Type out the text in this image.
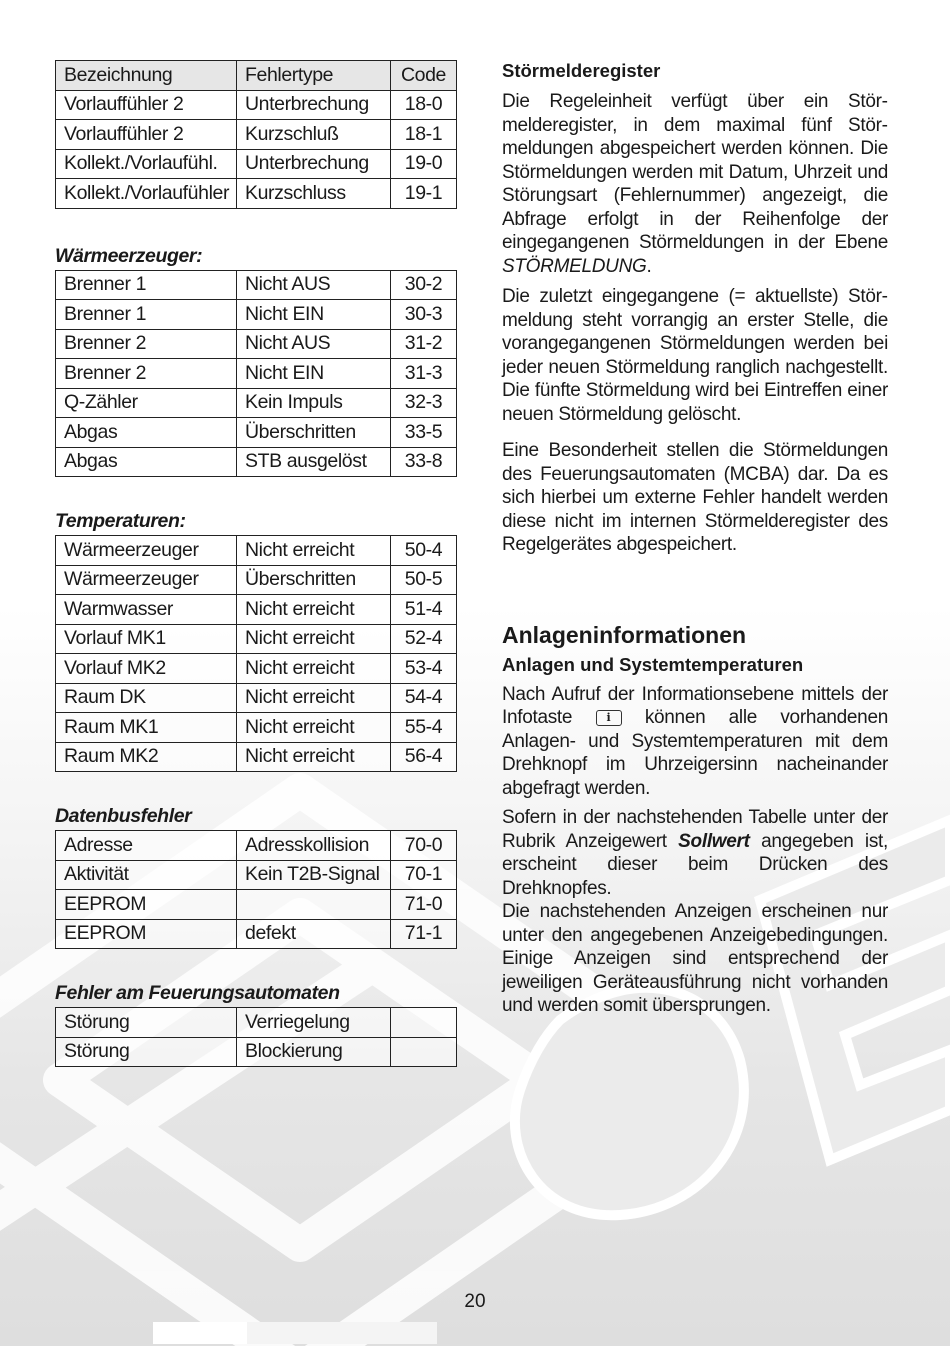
Bezeichnung	Fehlertype	Code
Vorlauffühler 2	Unterbrechung	18-0
Vorlauffühler 2	Kurzschluß	18-1
Kollekt./Vorlaufühl.	Unterbrechung	19-0
Kollekt./Vorlaufühler	Kurzschluss	19-1

Wärmeerzeuger:

Brenner 1	Nicht AUS	30-2
Brenner 1	Nicht EIN	30-3
Brenner 2	Nicht AUS	31-2
Brenner 2	Nicht EIN	31-3
Q-Zähler	Kein Impuls	32-3
Abgas	Überschritten	33-5
Abgas	STB ausgelöst	33-8

Temperaturen:

Wärmeerzeuger	Nicht erreicht	50-4
Wärmeerzeuger	Überschritten	50-5
Warmwasser	Nicht erreicht	51-4
Vorlauf MK1	Nicht erreicht	52-4
Vorlauf MK2	Nicht erreicht	53-4
Raum DK	Nicht erreicht	54-4
Raum MK1	Nicht erreicht	55-4
Raum MK2	Nicht erreicht	56-4

Datenbusfehler

Adresse	Adresskollision	70-0
Aktivität	Kein T2B-Signal	70-1
EEPROM		71-0
EEPROM	defekt	71-1

Fehler am Feuerungsautomaten

Störung	Verriegelung	
Störung	Blockierung	

Störmelderegister

Die Regeleinheit verfügt über ein Störmelderegister, in dem maximal fünf Störmeldungen abgespeichert werden können. Die Störmeldungen werden mit Datum, Uhrzeit und Störungsart (Fehlernummer) angezeigt, die Abfrage erfolgt in der Reihenfolge der eingegangenen Störmeldungen in der Ebene STÖRMELDUNG.

Die zuletzt eingegangene (= aktuellste) Störmeldung steht vorrangig an erster Stelle, die vorangegangenen Störmeldungen werden bei jeder neuen Störmeldung ranglich nachgestellt. Die fünfte Störmeldung wird bei Eintreffen einer neuen Störmeldung gelöscht.

Eine Besonderheit stellen die Störmeldungen des Feuerungsautomaten (MCBA) dar. Da es sich hierbei um externe Fehler handelt werden diese nicht im internen Störmelderegister des Regelgerätes abgespeichert.

Anlageninformationen

Anlagen und Systemtemperaturen

Nach Aufruf der Informationsebene mittels der Infotaste i können alle vorhandenen Anlagen- und Systemtemperaturen mit dem Drehknopf im Uhrzeigersinn nacheinander abgefragt werden.

Sofern in der nachstehenden Tabelle unter der Rubrik Anzeigewert Sollwert angegeben ist, erscheint dieser beim Drücken des Drehknopfes.

Die nachstehenden Anzeigen erscheinen nur unter den angegebenen Anzeigebedingungen. Einige Anzeigen sind entsprechend der jeweiligen Geräteausführung nicht vorhanden und werden somit übersprungen.

20
